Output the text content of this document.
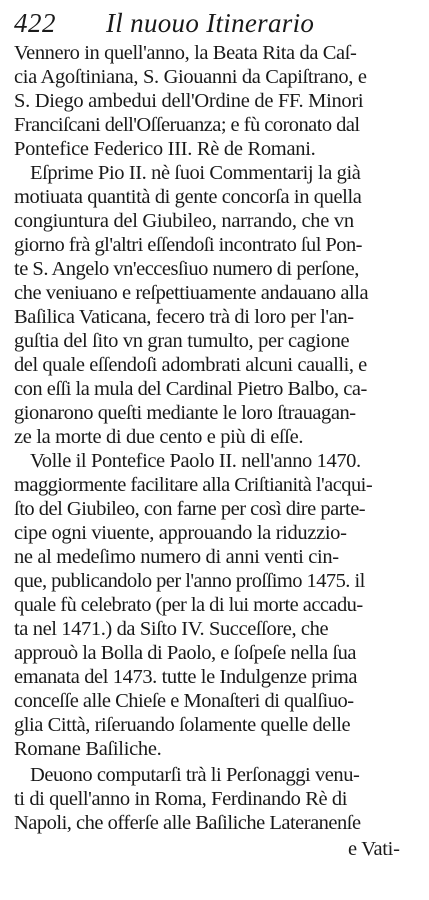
422 Il nuouo Itinerario
Vennero in quell'anno, la Beata Rita da Caſ-
cia Agoſtiniana, S. Giouanni da Capiſtrano, e
S. Diego ambedui dell'Ordine de FF. Minori
Franciſcani dell'Oſſeruanza; e fù coronato dal
Pontefice Federico III. Rè de Romani.
Eſprime Pio II. nè ſuoi Commentarij la già
motiuata quantità di gente concorſa in quella
congiuntura del Giubileo, narrando, che vn
giorno frà gl'altri eſſendoſi incontrato ſul Pon-
te S. Angelo vn'eccesſiuo numero di perſone,
che veniuano e reſpettiuamente andauano alla
Baſilica Vaticana, fecero trà di loro per l'an-
guſtia del ſito vn gran tumulto, per cagione
del quale eſſendoſi adombrati alcuni caualli, e
con eſſi la mula del Cardinal Pietro Balbo, ca-
gionarono queſti mediante le loro ſtrauagan-
ze la morte di due cento e più di eſſe.
Volle il Pontefice Paolo II. nell'anno 1470.
maggiormente facilitare alla Criſtianità l'acqui-
ſto del Giubileo, con farne per così dire parte-
cipe ogni viuente, approuando la riduzzio-
ne al medeſimo numero di anni venti cin-
que, publicandolo per l'anno proſſimo 1475. il
quale fù celebrato (per la di lui morte accadu-
ta nel 1471.) da Siſto IV. Succeſſore, che
approuò la Bolla di Paolo, e ſoſpeſe nella ſua
emanata del 1473. tutte le Indulgenze prima
conceſſe alle Chieſe e Monaſteri di qualſiuo-
glia Città, riſeruando ſolamente quelle delle
Romane Baſiliche.
Deuono computarſi trà li Perſonaggi venu-
ti di quell'anno in Roma, Ferdinando Rè di
Napoli, che offerſe alle Baſiliche Lateranenſe
e Vati-
